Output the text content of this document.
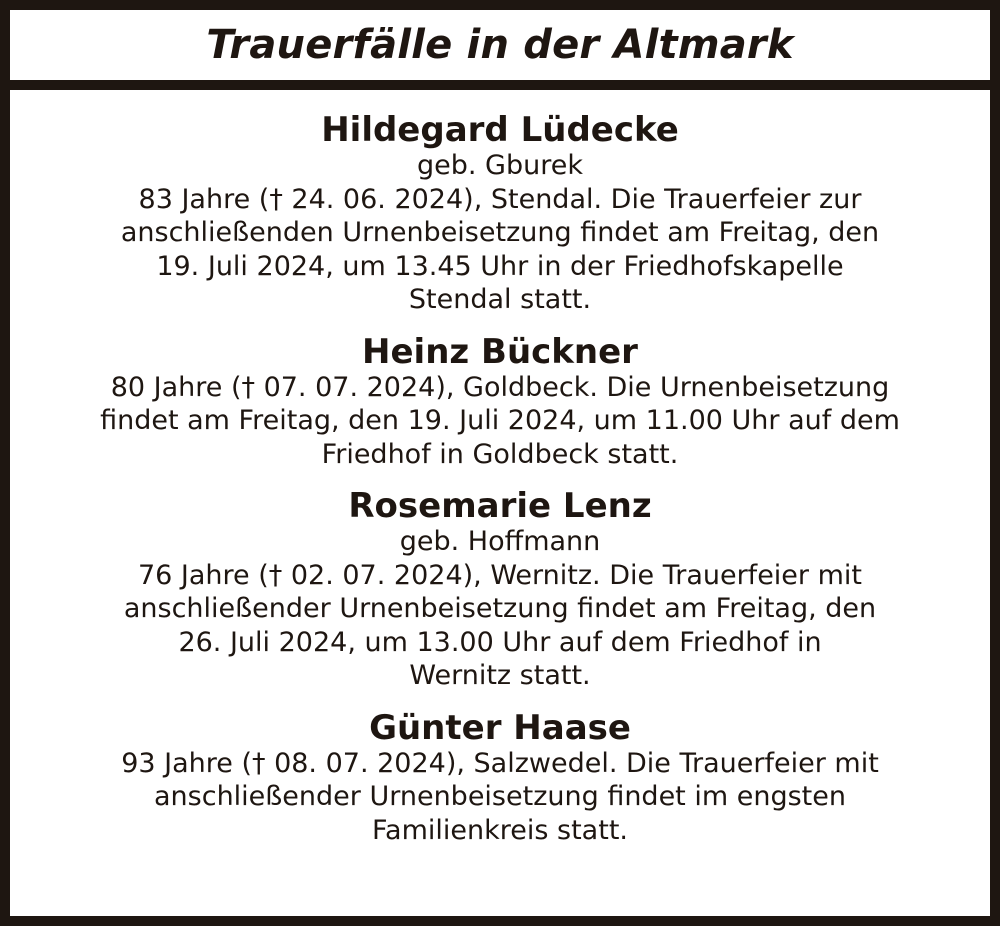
Trauerfälle in der Altmark

Hildegard Lüdecke

geb. Gburek

83 Jahre († 24. 06. 2024), Stendal. Die Trauerfeier zur

anschließenden Urnenbeisetzung findet am Freitag, den

19. Juli 2024, um 13.45 Uhr in der Friedhofskapelle

Stendal statt.

Heinz Bückner

80 Jahre († 07. 07. 2024), Goldbeck. Die Urnenbeisetzung

findet am Freitag, den 19. Juli 2024, um 11.00 Uhr auf dem

Friedhof in Goldbeck statt.

Rosemarie Lenz

geb. Hoffmann

76 Jahre († 02. 07. 2024), Wernitz. Die Trauerfeier mit

anschließender Urnenbeisetzung findet am Freitag, den

26. Juli 2024, um 13.00 Uhr auf dem Friedhof in

Wernitz statt.

Günter Haase

93 Jahre († 08. 07. 2024), Salzwedel. Die Trauerfeier mit

anschließender Urnenbeisetzung findet im engsten

Familienkreis statt.
